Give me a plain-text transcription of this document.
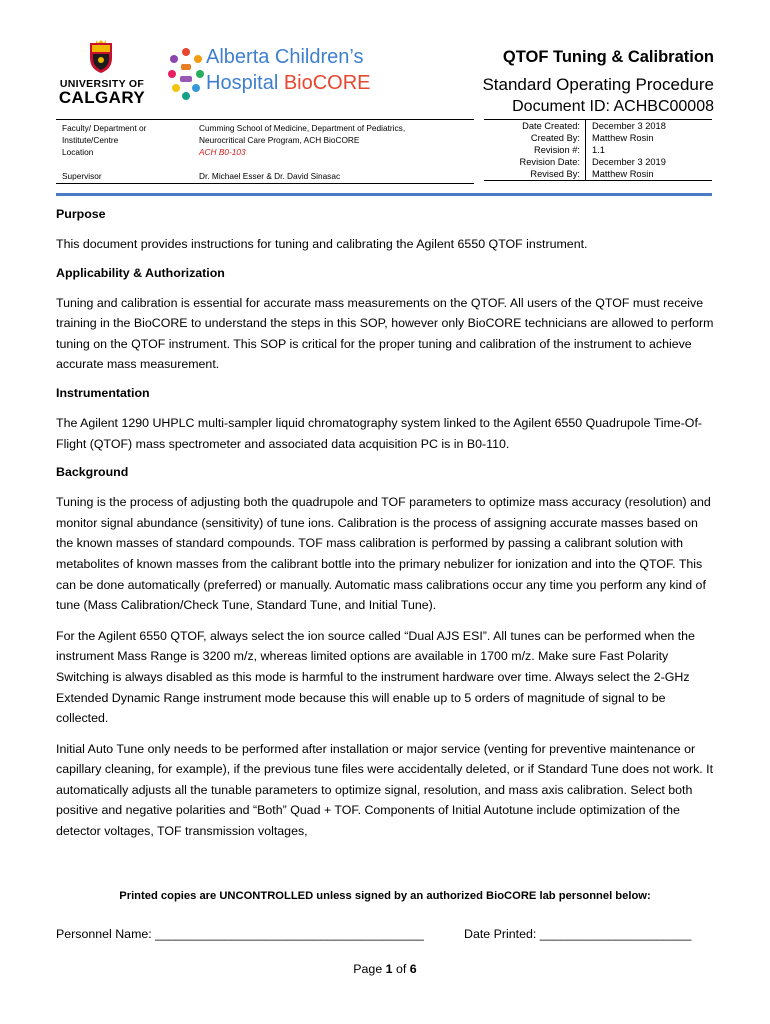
UNIVERSITY OF
CALGARY
Alberta Children’s
Hospital BioCORE
QTOF Tuning & Calibration
Standard Operating Procedure
Document ID: ACHBC00008
Faculty/ Department or	Cumming School of Medicine, Department of Pediatrics,
Institute/Centre	Neurocritical Care Program, ACH BioCORE
Location	ACH B0-103
Supervisor	Dr. Michael Esser & Dr. David Sinasac
Date Created:	December 3 2018
Created By:	Matthew Rosin
Revision #:	1.1
Revision Date:	December 3 2019
Revised By:	Matthew Rosin
Purpose

This document provides instructions for tuning and calibrating the Agilent 6550 QTOF instrument.

Applicability & Authorization

Tuning and calibration is essential for accurate mass measurements on the QTOF. All users of the QTOF must receive training in the BioCORE to understand the steps in this SOP, however only BioCORE technicians are allowed to perform tuning on the QTOF instrument. This SOP is critical for the proper tuning and calibration of the instrument to achieve accurate mass measurement.

Instrumentation

The Agilent 1290 UHPLC multi-sampler liquid chromatography system linked to the Agilent 6550 Quadrupole Time-Of-Flight (QTOF) mass spectrometer and associated data acquisition PC is in B0-110.

Background

Tuning is the process of adjusting both the quadrupole and TOF parameters to optimize mass accuracy (resolution) and monitor signal abundance (sensitivity) of tune ions. Calibration is the process of assigning accurate masses based on the known masses of standard compounds. TOF mass calibration is performed by passing a calibrant solution with metabolites of known masses from the calibrant bottle into the primary nebulizer for ionization and into the QTOF. This can be done automatically (preferred) or manually. Automatic mass calibrations occur any time you perform any kind of tune (Mass Calibration/Check Tune, Standard Tune, and Initial Tune).

For the Agilent 6550 QTOF, always select the ion source called “Dual AJS ESI”. All tunes can be performed when the instrument Mass Range is 3200 m/z, whereas limited options are available in 1700 m/z. Make sure Fast Polarity Switching is always disabled as this mode is harmful to the instrument hardware over time. Always select the 2-GHz Extended Dynamic Range instrument mode because this will enable up to 5 orders of magnitude of signal to be collected.

Initial Auto Tune only needs to be performed after installation or major service (venting for preventive maintenance or capillary cleaning, for example), if the previous tune files were accidentally deleted, or if Standard Tune does not work. It automatically adjusts all the tunable parameters to optimize signal, resolution, and mass axis calibration. Select both positive and negative polarities and “Both” Quad + TOF. Components of Initial Autotune include optimization of the detector voltages, TOF transmission voltages,

Printed copies are UNCONTROLLED unless signed by an authorized BioCORE lab personnel below:
Personnel Name: _______________________________________	Date Printed: ______________________
Page 1 of 6
